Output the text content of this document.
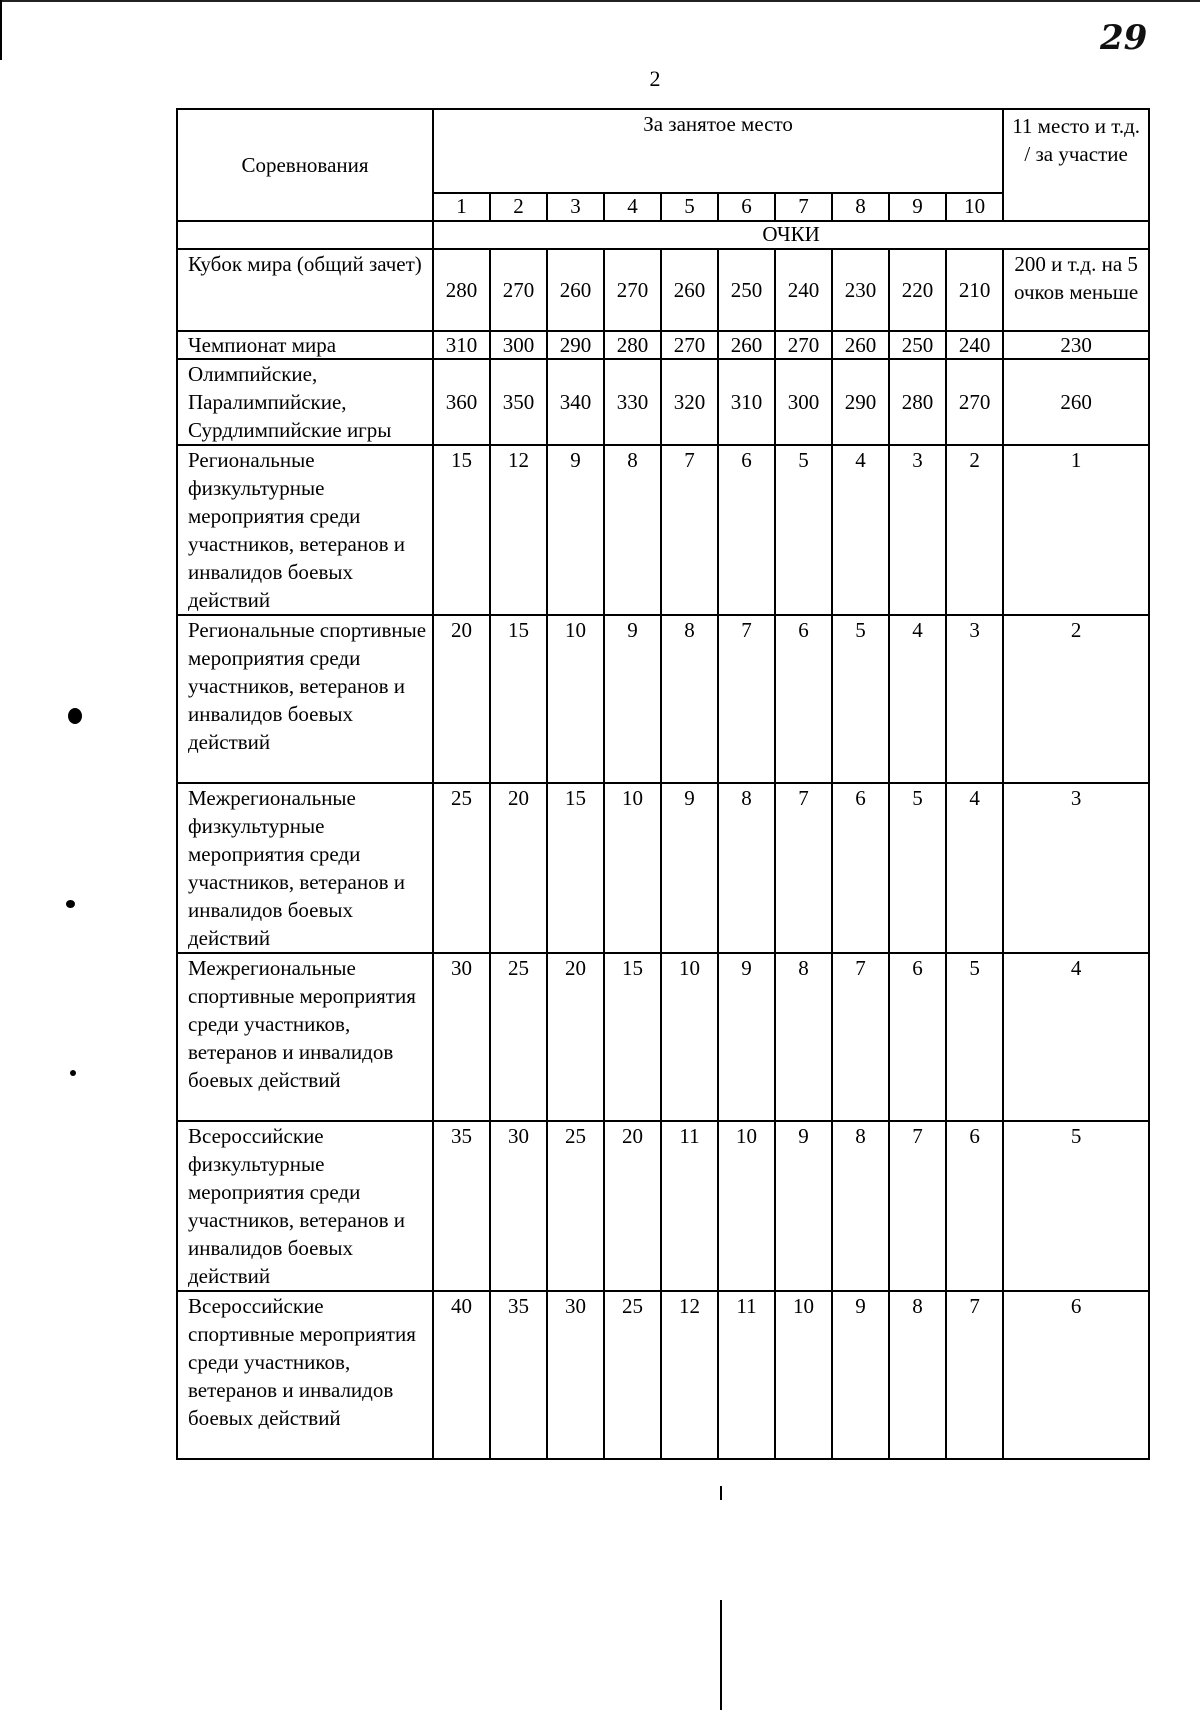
29
2
Соревнования	За занятое место										11 место и т.д. / за участие
	1	2	3	4	5	6	7	8	9	10	
	ОЧКИ										
Кубок мира (общий зачет)	280	270	260	270	260	250	240	230	220	210	200 и т.д. на 5 очков меньше
Чемпионат мира	310	300	290	280	270	260	270	260	250	240	230
Олимпийские, Паралимпийские, Сурдлимпийские игры	360	350	340	330	320	310	300	290	280	270	260
Региональные физкультурные мероприятия среди участников, ветеранов и инвалидов боевых действий	15	12	9	8	7	6	5	4	3	2	1
Региональные спортивные мероприятия среди участников, ветеранов и инвалидов боевых действий	20	15	10	9	8	7	6	5	4	3	2
Межрегиональные физкультурные мероприятия среди участников, ветеранов и инвалидов боевых действий	25	20	15	10	9	8	7	6	5	4	3
Межрегиональные спортивные мероприятия среди участников, ветеранов и инвалидов боевых действий	30	25	20	15	10	9	8	7	6	5	4
Всероссийские физкультурные мероприятия среди участников, ветеранов и инвалидов боевых действий	35	30	25	20	11	10	9	8	7	6	5
Всероссийские спортивные мероприятия среди участников, ветеранов и инвалидов боевых действий	40	35	30	25	12	11	10	9	8	7	6
